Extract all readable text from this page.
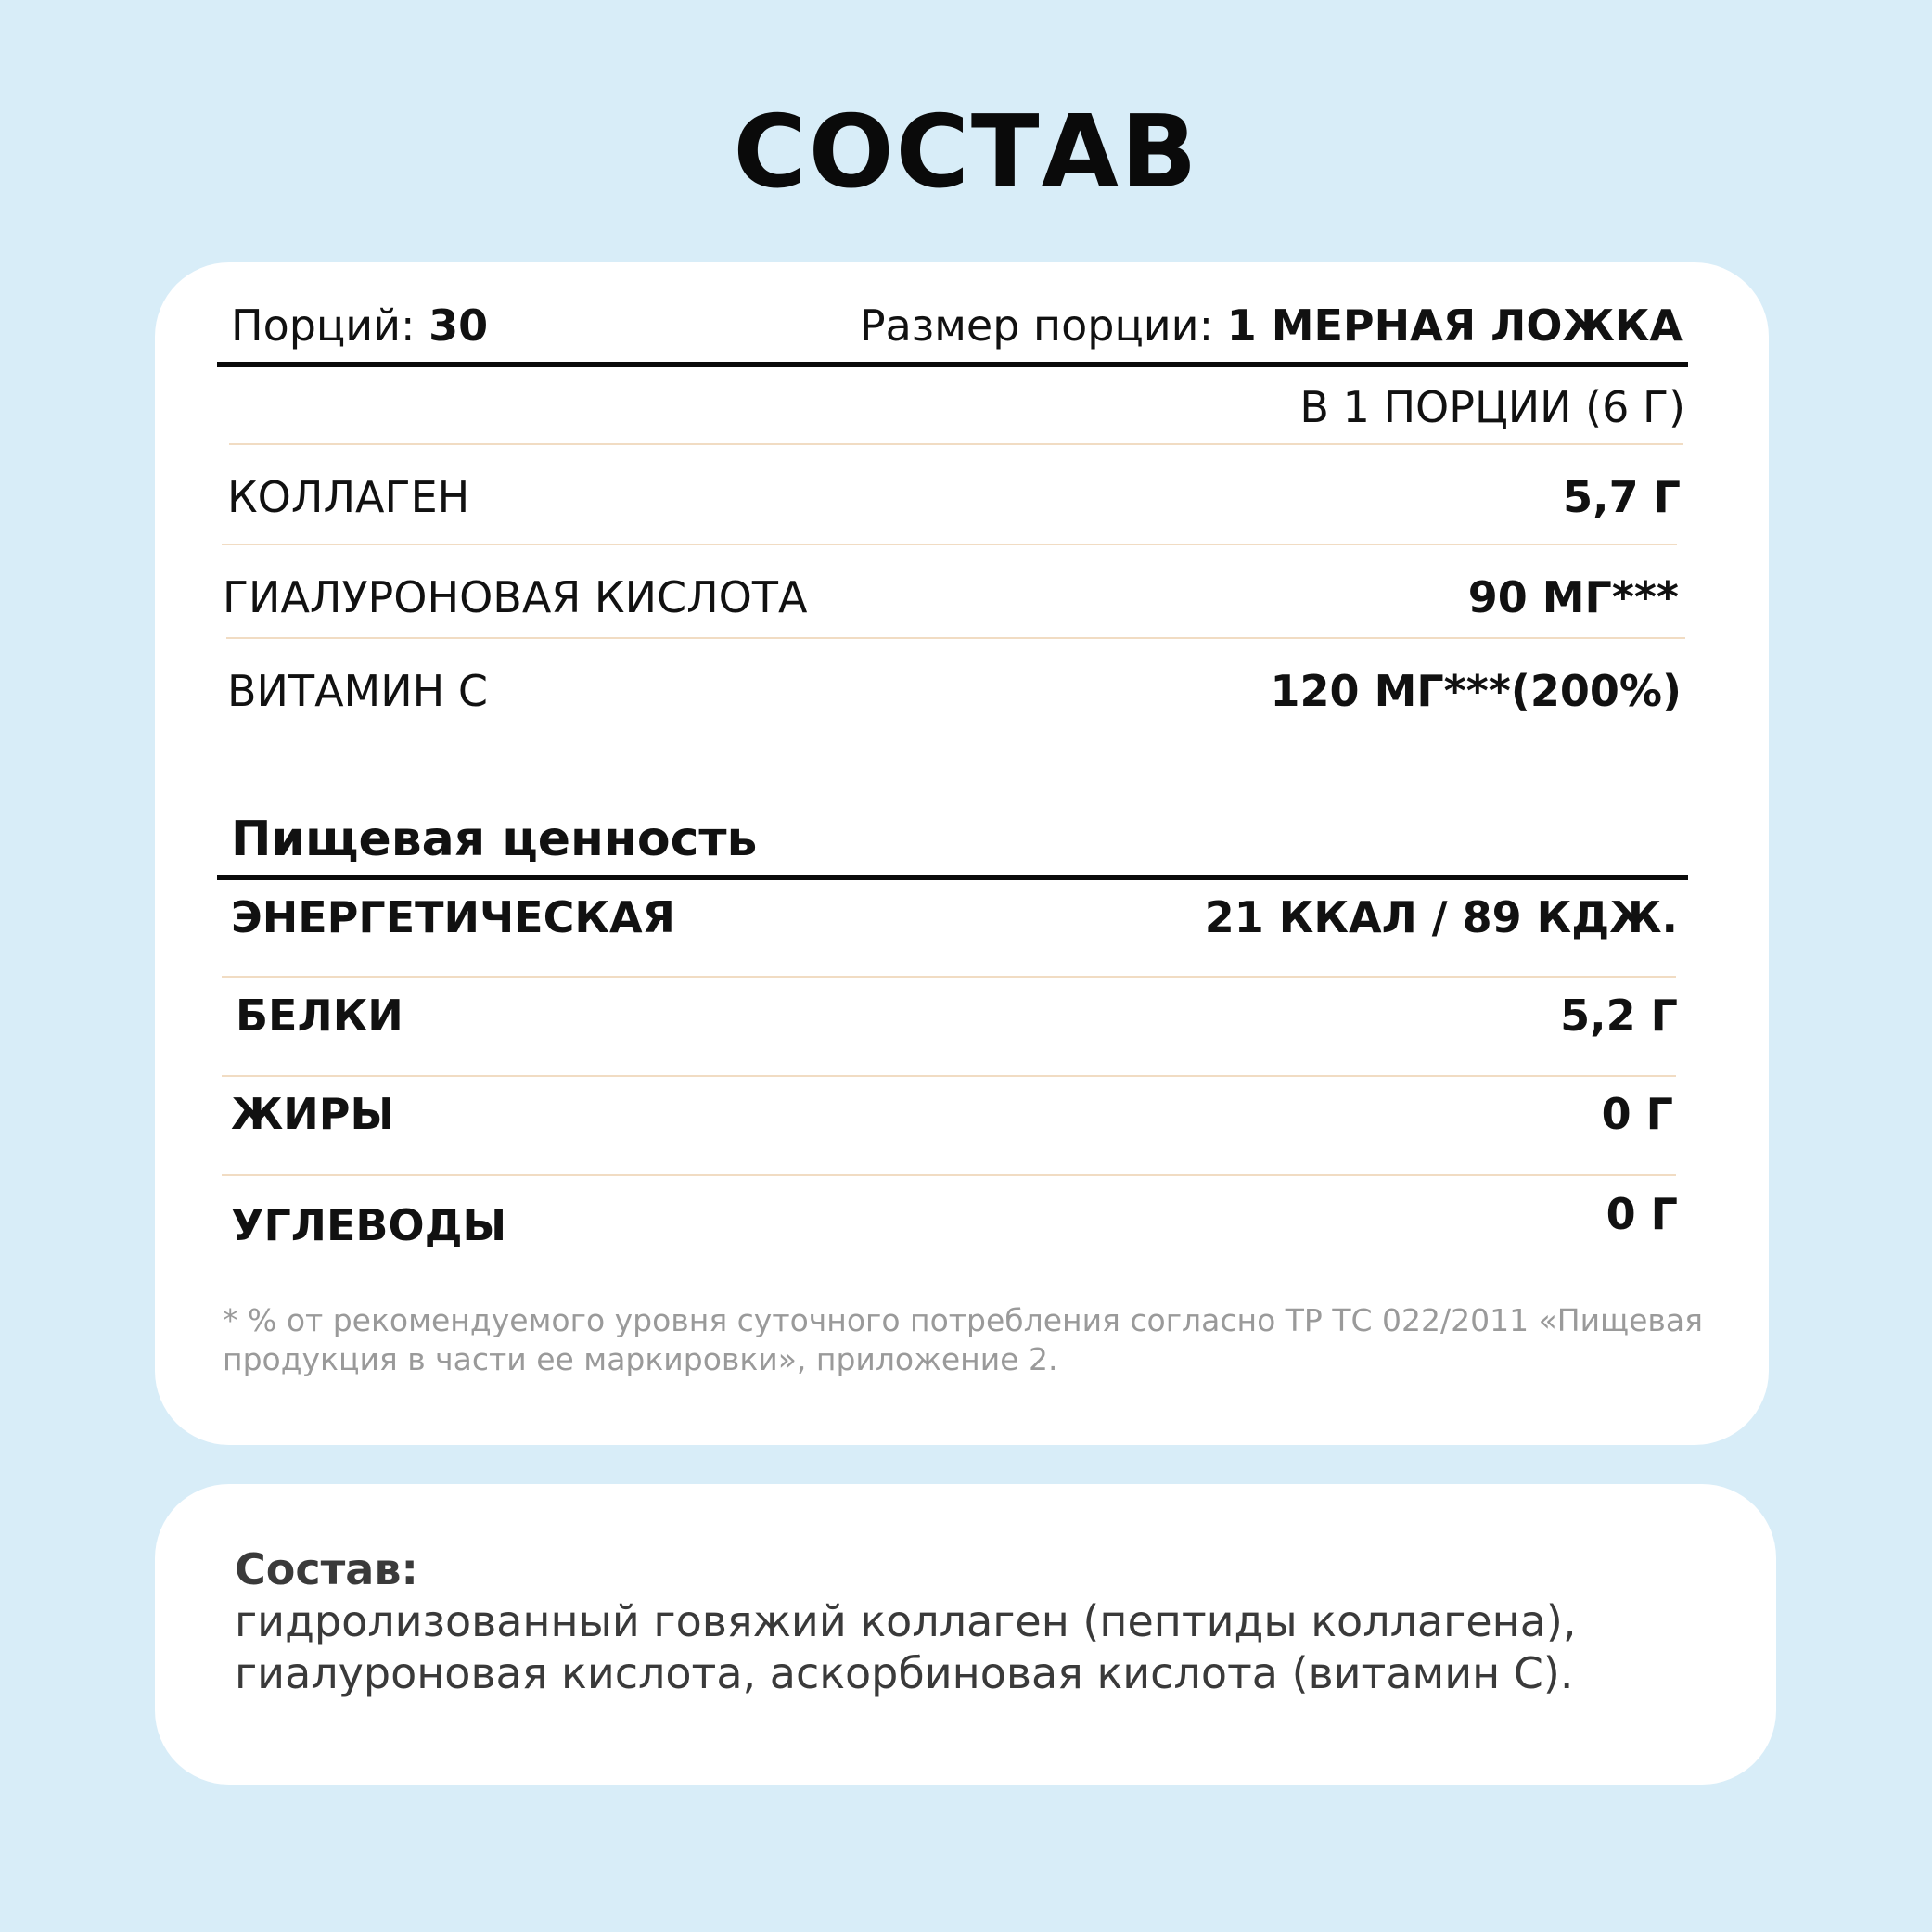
СОСТАВ
Порций: 30	Размер порции: 1 МЕРНАЯ ЛОЖКА
В 1 ПОРЦИИ (6 Г)
КОЛЛАГЕН	5,7 Г
ГИАЛУРОНОВАЯ КИСЛОТА	90 МГ***
ВИТАМИН С	120 МГ***(200%)
Пищевая ценность
ЭНЕРГЕТИЧЕСКАЯ	21 ККАЛ / 89 КДЖ.
БЕЛКИ	5,2 Г
ЖИРЫ	0 Г
УГЛЕВОДЫ	0 Г
* % от рекомендуемого уровня суточного потребления согласно ТР ТС 022/2011 «Пищевая продукция в части ее маркировки», приложение 2.
Состав:
гидролизованный говяжий коллаген (пептиды коллагена), гиалуроновая кислота, аскорбиновая кислота (витамин С).
